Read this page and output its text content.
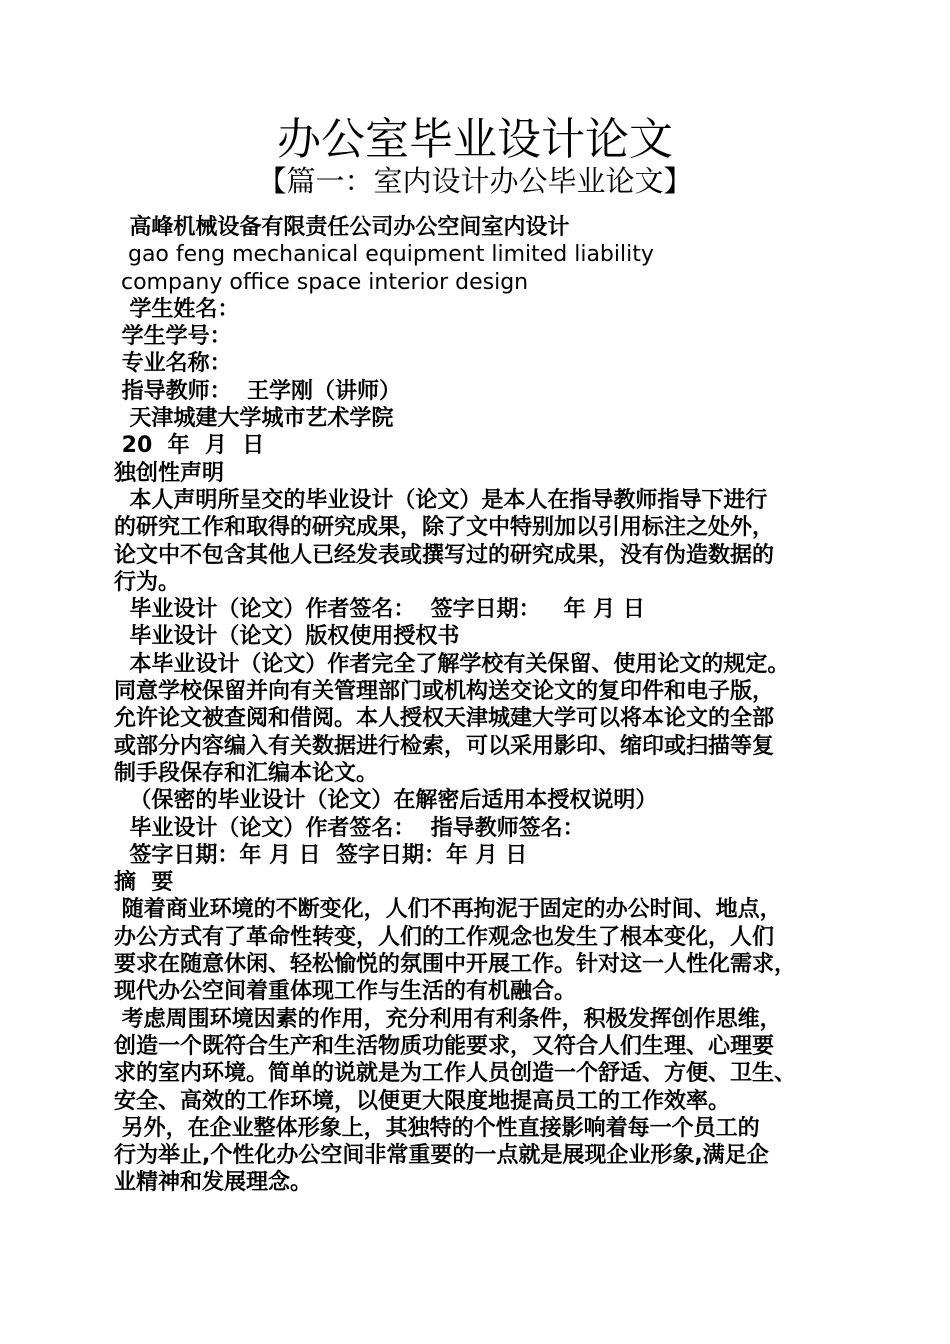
办公室毕业设计论文
【篇一：室内设计办公毕业论文】

高峰机械设备有限责任公司办公空间室内设计

gao feng mechanical equipment limited liability

company office space interior design

学生姓名：

学生学号：

专业名称：

指导教师：  王学刚（讲师）

天津城建大学城市艺术学院

20  年  月  日

独创性声明

本人声明所呈交的毕业设计（论文）是本人在指导教师指导下进行

的研究工作和取得的研究成果，除了文中特别加以引用标注之处外，

论文中不包含其他人已经发表或撰写过的研究成果，没有伪造数据的

行为。

毕业设计（论文）作者签名：  签字日期：   年 月 日

毕业设计（论文）版权使用授权书

本毕业设计（论文）作者完全了解学校有关保留、使用论文的规定。

同意学校保留并向有关管理部门或机构送交论文的复印件和电子版，

允许论文被查阅和借阅。本人授权天津城建大学可以将本论文的全部

或部分内容编入有关数据进行检索，可以采用影印、缩印或扫描等复

制手段保存和汇编本论文。

（保密的毕业设计（论文）在解密后适用本授权说明）

毕业设计（论文）作者签名：  指导教师签名：

签字日期：年 月 日  签字日期：年 月 日

摘  要

随着商业环境的不断变化，人们不再拘泥于固定的办公时间、地点，

办公方式有了革命性转变，人们的工作观念也发生了根本变化，人们

要求在随意休闲、轻松愉悦的氛围中开展工作。针对这一人性化需求，

现代办公空间着重体现工作与生活的有机融合。

考虑周围环境因素的作用，充分利用有利条件，积极发挥创作思维，

创造一个既符合生产和生活物质功能要求，又符合人们生理、心理要

求的室内环境。简单的说就是为工作人员创造一个舒适、方便、卫生、

安全、高效的工作环境，以便更大限度地提高员工的工作效率。

另外，在企业整体形象上，其独特的个性直接影响着每一个员工的

行为举止,个性化办公空间非常重要的一点就是展现企业形象,满足企

业精神和发展理念。
